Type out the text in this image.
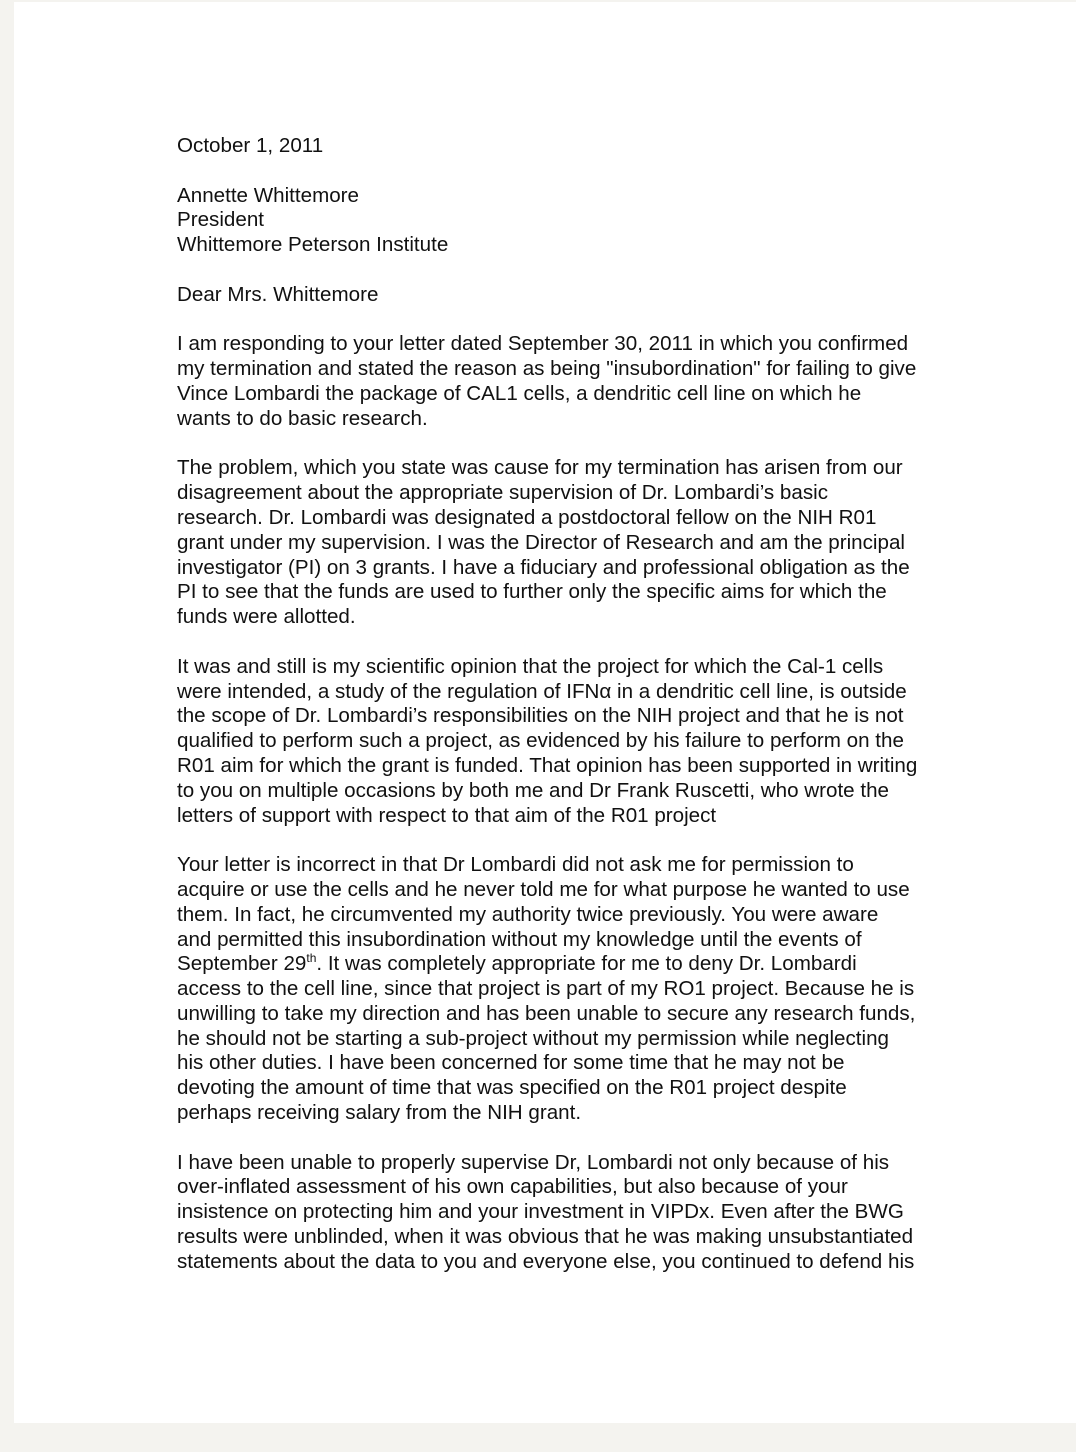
October 1, 2011
Annette Whittemore
President
Whittemore Peterson Institute
Dear Mrs. Whittemore
I am responding to your letter dated September 30, 2011 in which you confirmed
my termination and stated the reason as being "insubordination" for failing to give
Vince Lombardi the package of CAL1 cells, a dendritic cell line on which he
wants to do basic research.
The problem, which you state was cause for my termination has arisen from our
disagreement about the appropriate supervision of Dr. Lombardi’s basic
research. Dr. Lombardi was designated a postdoctoral fellow on the NIH R01
grant under my supervision. I was the Director of Research and am the principal
investigator (PI) on 3 grants. I have a fiduciary and professional obligation as the
PI to see that the funds are used to further only the specific aims for which the
funds were allotted.
It was and still is my scientific opinion that the project for which the Cal-1 cells
were intended, a study of the regulation of IFNα in a dendritic cell line, is outside
the scope of Dr. Lombardi’s responsibilities on the NIH project and that he is not
qualified to perform such a project, as evidenced by his failure to perform on the
R01 aim for which the grant is funded. That opinion has been supported in writing
to you on multiple occasions by both me and Dr Frank Ruscetti, who wrote the
letters of support with respect to that aim of the R01 project
Your letter is incorrect in that Dr Lombardi did not ask me for permission to
acquire or use the cells and he never told me for what purpose he wanted to use
them. In fact, he circumvented my authority twice previously. You were aware
and permitted this insubordination without my knowledge until the events of
September 29th. It was completely appropriate for me to deny Dr. Lombardi
access to the cell line, since that project is part of my RO1 project. Because he is
unwilling to take my direction and has been unable to secure any research funds,
he should not be starting a sub-project without my permission while neglecting
his other duties. I have been concerned for some time that he may not be
devoting the amount of time that was specified on the R01 project despite
perhaps receiving salary from the NIH grant.
I have been unable to properly supervise Dr, Lombardi not only because of his
over-inflated assessment of his own capabilities, but also because of your
insistence on protecting him and your investment in VIPDx. Even after the BWG
results were unblinded, when it was obvious that he was making unsubstantiated
statements about the data to you and everyone else, you continued to defend his
